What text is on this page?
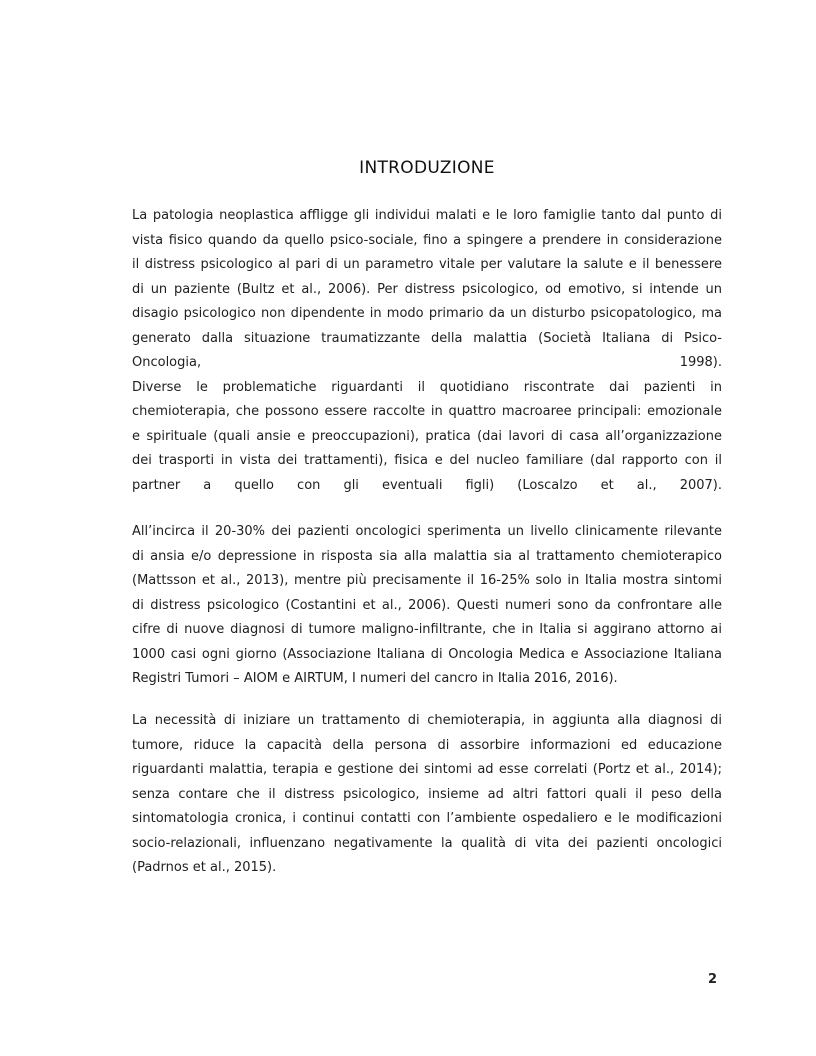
INTRODUZIONE
La patologia neoplastica affligge gli individui malati e le loro famiglie tanto dal punto di
vista fisico quando da quello psico-sociale, fino a spingere a prendere in considerazione
il distress psicologico al pari di un parametro vitale per valutare la salute e il benessere
di un paziente (Bultz et al., 2006). Per distress psicologico, od emotivo, si intende un
disagio psicologico non dipendente in modo primario da un disturbo psicopatologico, ma
generato dalla situazione traumatizzante della malattia (Società Italiana di Psico-
Oncologia, 1998).
Diverse le problematiche riguardanti il quotidiano riscontrate dai pazienti in
chemioterapia, che possono essere raccolte in quattro macroaree principali: emozionale
e spirituale (quali ansie e preoccupazioni), pratica (dai lavori di casa all’organizzazione
dei trasporti in vista dei trattamenti), fisica e del nucleo familiare (dal rapporto con il
partner a quello con gli eventuali figli) (Loscalzo et al., 2007).
All’incirca il 20-30% dei pazienti oncologici sperimenta un livello clinicamente rilevante
di ansia e/o depressione in risposta sia alla malattia sia al trattamento chemioterapico
(Mattsson et al., 2013), mentre più precisamente il 16-25% solo in Italia mostra sintomi
di distress psicologico (Costantini et al., 2006). Questi numeri sono da confrontare alle
cifre di nuove diagnosi di tumore maligno-infiltrante, che in Italia si aggirano attorno ai
1000 casi ogni giorno (Associazione Italiana di Oncologia Medica e Associazione Italiana
Registri Tumori – AIOM e AIRTUM, I numeri del cancro in Italia 2016, 2016).
La necessità di iniziare un trattamento di chemioterapia, in aggiunta alla diagnosi di
tumore, riduce la capacità della persona di assorbire informazioni ed educazione
riguardanti malattia, terapia e gestione dei sintomi ad esse correlati (Portz et al., 2014);
senza contare che il distress psicologico, insieme ad altri fattori quali il peso della
sintomatologia cronica, i continui contatti con l’ambiente ospedaliero e le modificazioni
socio-relazionali, influenzano negativamente la qualità di vita dei pazienti oncologici
(Padrnos et al., 2015).
2
